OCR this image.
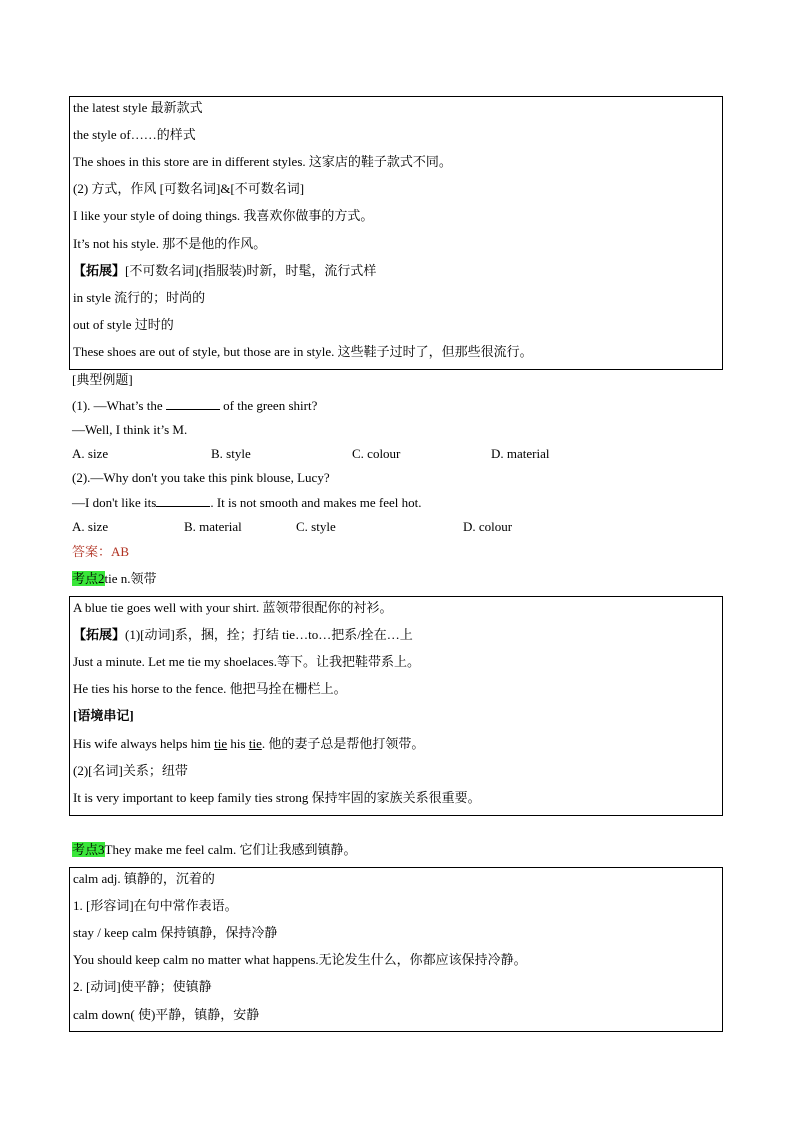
the latest style 最新款式
the style of……的样式
The shoes in this store are in different styles. 这家店的鞋子款式不同。
(2) 方式，作风 [可数名词]&[不可数名词]
I like your style of doing things. 我喜欢你做事的方式。
It’s not his style. 那不是他的作风。
【拓展】[不可数名词](指服装)时新，时髦，流行式样
in style 流行的；时尚的
out of style 过时的
These shoes are out of style, but those are in style. 这些鞋子过时了，但那些很流行。
[典型例题]
(1). —What’s the	of the green shirt?
—Well, I think it’s M.
A. size	B. style	C. colour	D. material
(2).—Why don't you take this pink blouse, Lucy?
—I don't like its	. It is not smooth and makes me feel hot.
A. size	B. material	C. style	D. colour
答案：AB
考点2tie n.领带
A blue tie goes well with your shirt. 蓝领带很配你的衬衫。
【拓展】(1)[动词]系，捆，拴；打结 tie…to…把系/拴在…上
Just a minute. Let me tie my shoelaces.等下。让我把鞋带系上。
He ties his horse to the fence. 他把马拴在栅栏上。
[语境串记]
His wife always helps him tie his tie. 他的妻子总是帮他打领带。
(2)[名词]关系；纽带
It is very important to keep family ties strong 保持牢固的家族关系很重要。
考点3They make me feel calm. 它们让我感到镇静。
calm adj. 镇静的，沉着的
1. [形容词]在句中常作表语。
stay / keep calm 保持镇静，保持冷静
You should keep calm no matter what happens.无论发生什么，你都应该保持冷静。
2. [动词]使平静；使镇静
calm down( 使)平静，镇静，安静
